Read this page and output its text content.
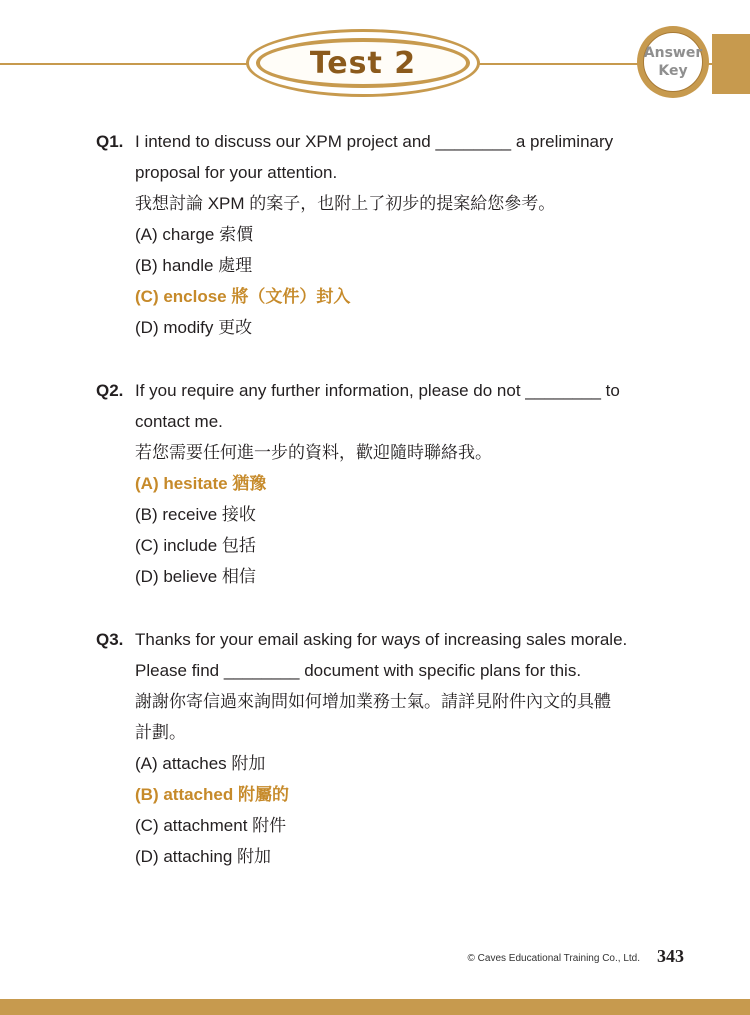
Test 2	Answer
Key
Q1. I intend to discuss our XPM project and ________ a preliminary
proposal for your attention.
我想討論 XPM 的案子，也附上了初步的提案給您參考。
(A) charge 索價
(B) handle 處理
(C) enclose 將（文件）封入
(D) modify 更改
Q2. If you require any further information, please do not ________ to
contact me.
若您需要任何進一步的資料，歡迎隨時聯絡我。
(A) hesitate 猶豫
(B) receive 接收
(C) include 包括
(D) believe 相信
Q3. Thanks for your email asking for ways of increasing sales morale.
Please find ________ document with specific plans for this.
謝謝你寄信過來詢問如何增加業務士氣。請詳見附件內文的具體
計劃。
(A) attaches 附加
(B) attached 附屬的
(C) attachment 附件
(D) attaching 附加
© Caves Educational Training Co., Ltd. 343
